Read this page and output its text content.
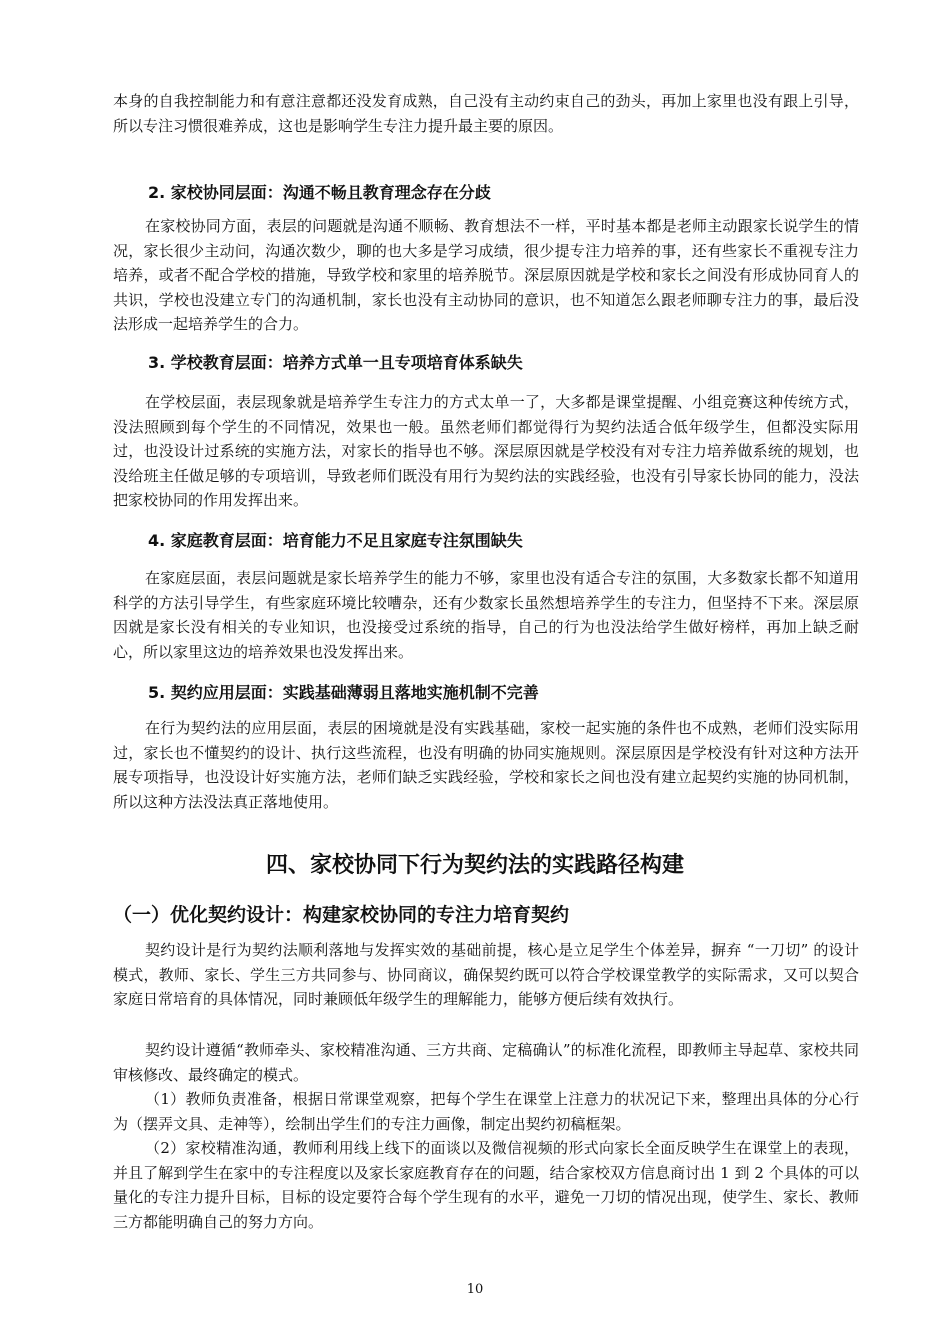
本身的自我控制能力和有意注意都还没发育成熟，自己没有主动约束自己的劲头，再加上家里也没有跟上引导，所以专注习惯很难养成，这也是影响学生专注力提升最主要的原因。

2. 家校协同层面：沟通不畅且教育理念存在分歧

在家校协同方面，表层的问题就是沟通不顺畅、教育想法不一样，平时基本都是老师主动跟家长说学生的情况，家长很少主动问，沟通次数少，聊的也大多是学习成绩，很少提专注力培养的事，还有些家长不重视专注力培养，或者不配合学校的措施，导致学校和家里的培养脱节。深层原因就是学校和家长之间没有形成协同育人的共识，学校也没建立专门的沟通机制，家长也没有主动协同的意识，也不知道怎么跟老师聊专注力的事，最后没法形成一起培养学生的合力。

3. 学校教育层面：培养方式单一且专项培育体系缺失

在学校层面，表层现象就是培养学生专注力的方式太单一了，大多都是课堂提醒、小组竞赛这种传统方式，没法照顾到每个学生的不同情况，效果也一般。虽然老师们都觉得行为契约法适合低年级学生，但都没实际用过，也没设计过系统的实施方法，对家长的指导也不够。深层原因就是学校没有对专注力培养做系统的规划，也没给班主任做足够的专项培训，导致老师们既没有用行为契约法的实践经验，也没有引导家长协同的能力，没法把家校协同的作用发挥出来。

4. 家庭教育层面：培育能力不足且家庭专注氛围缺失

在家庭层面，表层问题就是家长培养学生的能力不够，家里也没有适合专注的氛围，大多数家长都不知道用科学的方法引导学生，有些家庭环境比较嘈杂，还有少数家长虽然想培养学生的专注力，但坚持不下来。深层原因就是家长没有相关的专业知识，也没接受过系统的指导，自己的行为也没法给学生做好榜样，再加上缺乏耐心，所以家里这边的培养效果也没发挥出来。

5. 契约应用层面：实践基础薄弱且落地实施机制不完善

在行为契约法的应用层面，表层的困境就是没有实践基础，家校一起实施的条件也不成熟，老师们没实际用过，家长也不懂契约的设计、执行这些流程，也没有明确的协同实施规则。深层原因是学校没有针对这种方法开展专项指导，也没设计好实施方法，老师们缺乏实践经验，学校和家长之间也没有建立起契约实施的协同机制，所以这种方法没法真正落地使用。

四、家校协同下行为契约法的实践路径构建

（一）优化契约设计：构建家校协同的专注力培育契约

契约设计是行为契约法顺利落地与发挥实效的基础前提，核心是立足学生个体差异，摒弃 “一刀切” 的设计模式，教师、家长、学生三方共同参与、协同商议，确保契约既可以符合学校课堂教学的实际需求，又可以契合家庭日常培育的具体情况，同时兼顾低年级学生的理解能力，能够方便后续有效执行。

契约设计遵循“教师牵头、家校精准沟通、三方共商、定稿确认”的标准化流程，即教师主导起草、家校共同审核修改、最终确定的模式。

（1）教师负责准备，根据日常课堂观察，把每个学生在课堂上注意力的状况记下来，整理出具体的分心行为（摆弄文具、走神等），绘制出学生们的专注力画像，制定出契约初稿框架。

（2）家校精准沟通，教师利用线上线下的面谈以及微信视频的形式向家长全面反映学生在课堂上的表现，并且了解到学生在家中的专注程度以及家长家庭教育存在的问题，结合家校双方信息商讨出 1 到 2 个具体的可以量化的专注力提升目标，目标的设定要符合每个学生现有的水平，避免一刀切的情况出现，使学生、家长、教师三方都能明确自己的努力方向。

10
